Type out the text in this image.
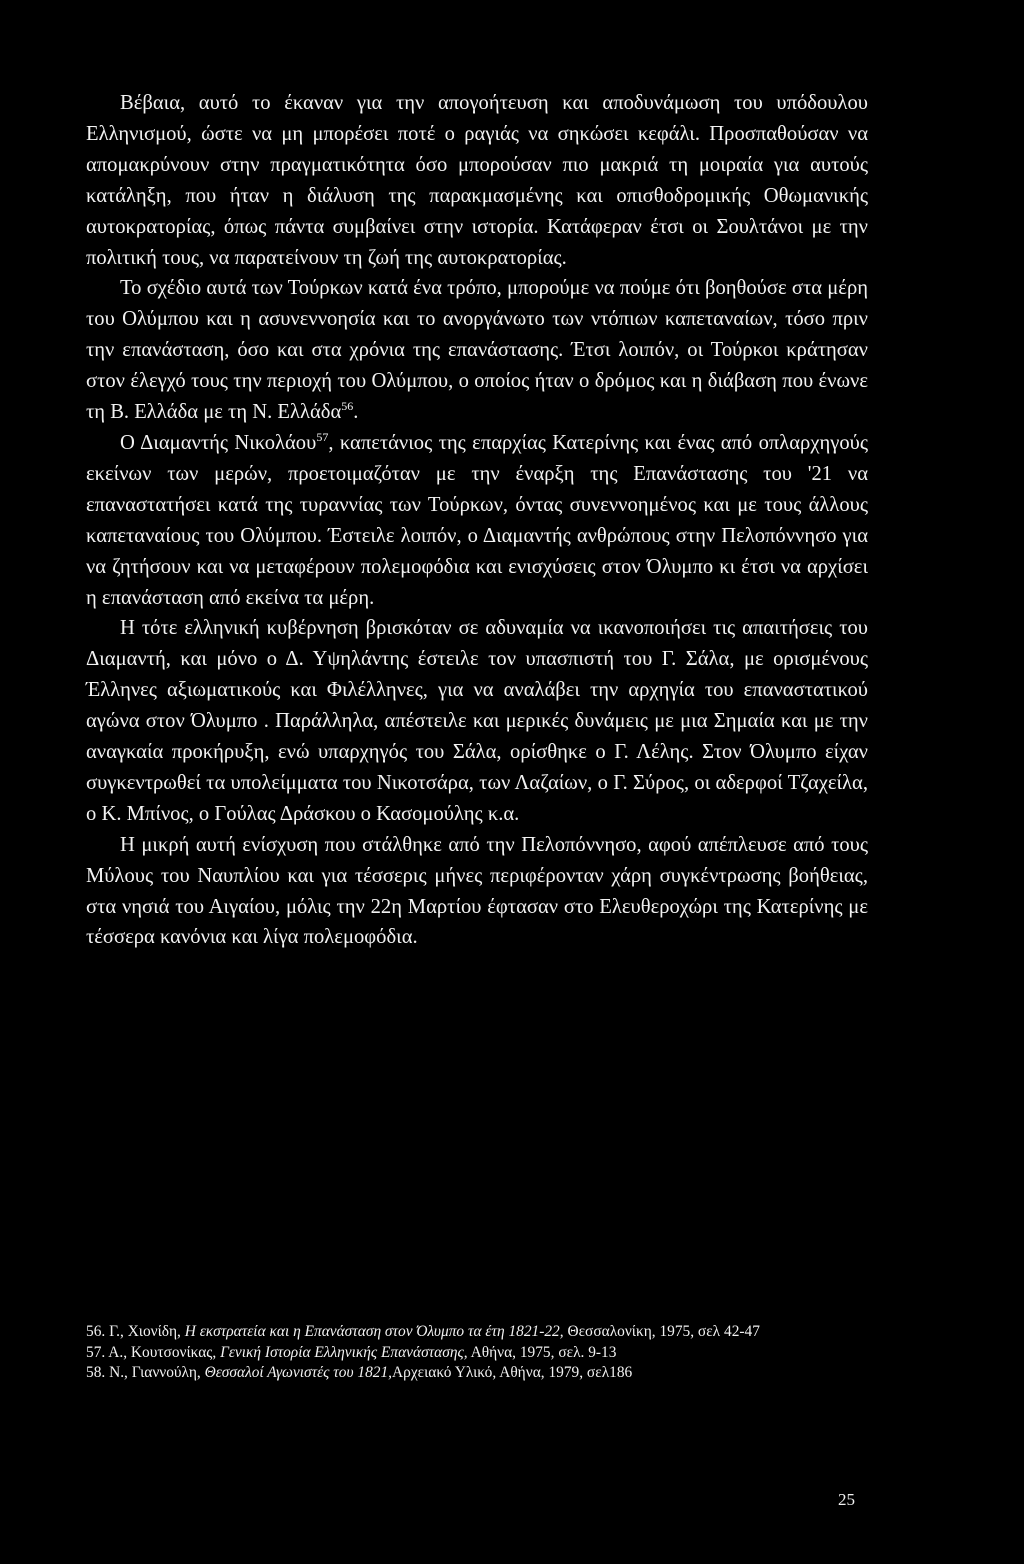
Βέβαια, αυτό το έκαναν για την απογοήτευση και αποδυνάμωση του υπόδουλου Ελληνισμού, ώστε να μη μπορέσει ποτέ ο ραγιάς να σηκώσει κεφάλι. Προσπαθούσαν να απομακρύνουν στην πραγματικότητα όσο μπορούσαν πιο μακριά τη μοιραία για αυτούς κατάληξη, που ήταν η διάλυση της παρακμασμένης και οπισθοδρομικής Οθωμανικής αυτοκρατορίας, όπως πάντα συμβαίνει στην ιστορία. Κατάφεραν έτσι οι Σουλτάνοι με την πολιτική τους, να παρατείνουν τη ζωή της αυτοκρατορίας.

Το σχέδιο αυτά των Τούρκων κατά ένα τρόπο, μπορούμε να πούμε ότι βοηθούσε στα μέρη του Ολύμπου και η ασυνεννοησία και το ανοργάνωτο των ντόπιων καπεταναίων, τόσο πριν την επανάσταση, όσο και στα χρόνια της επανάστασης. Έτσι λοιπόν, οι Τούρκοι κράτησαν στον έλεγχό τους την περιοχή του Ολύμπου, ο οποίος ήταν ο δρόμος και η διάβαση που ένωνε τη Β. Ελλάδα με τη Ν. Ελλάδα$^{56}$.

Ο Διαμαντής Νικολάου$^{57}$, καπετάνιος της επαρχίας Κατερίνης και ένας από οπλαρχηγούς εκείνων των μερών, προετοιμαζόταν με την έναρξη της Επανάστασης του '21 να επαναστατήσει κατά της τυραννίας των Τούρκων, όντας συνεννοημένος και με τους άλλους καπεταναίους του Ολύμπου. Έστειλε λοιπόν, ο Διαμαντής ανθρώπους στην Πελοπόννησο για να ζητήσουν και να μεταφέρουν πολεμοφόδια και ενισχύσεις στον Όλυμπο κι έτσι να αρχίσει η επανάσταση από εκείνα τα μέρη.

Η τότε ελληνική κυβέρνηση βρισκόταν σε αδυναμία να ικανοποιήσει τις απαιτήσεις του Διαμαντή, και μόνο ο Δ. Υψηλάντης έστειλε τον υπασπιστή του Γ. Σάλα, με ορισμένους Έλληνες αξιωματικούς και Φιλέλληνες, για να αναλάβει την αρχηγία του επαναστατικού αγώνα στον Όλυμπο . Παράλληλα, απέστειλε και μερικές δυνάμεις με μια Σημαία και με την αναγκαία προκήρυξη, ενώ υπαρχηγός του Σάλα, ορίσθηκε ο Γ. Λέλης. Στον Όλυμπο είχαν συγκεντρωθεί τα υπολείμματα του Νικοτσάρα, των Λαζαίων, ο Γ. Σύρος, οι αδερφοί Τζαχείλα, ο Κ. Μπίνος, ο Γούλας Δράσκου ο Κασομούλης κ.α.

Η μικρή αυτή ενίσχυση που στάλθηκε από την Πελοπόννησο, αφού απέπλευσε από τους Μύλους του Ναυπλίου και για τέσσερις μήνες περιφέρονταν χάρη συγκέντρωσης βοήθειας, στα νησιά του Αιγαίου, μόλις την 22η Μαρτίου έφτασαν στο Ελευθεροχώρι της Κατερίνης με τέσσερα κανόνια και λίγα πολεμοφόδια.

56. Γ., Χιονίδη, Η εκστρατεία και η Επανάσταση στον Όλυμπο τα έτη 1821-22, Θεσσαλονίκη, 1975, σελ 42-47

57. Α., Κουτσονίκας, Γενική Ιστορία Ελληνικής Επανάστασης, Αθήνα, 1975, σελ. 9-13

58. Ν., Γιαννούλη, Θεσσαλοί Αγωνιστές του 1821,Αρχειακό Υλικό, Αθήνα, 1979, σελ186

25
